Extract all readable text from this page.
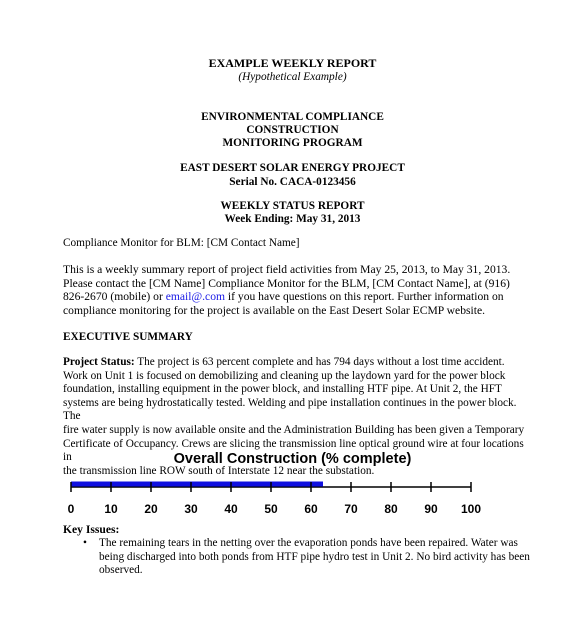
EXAMPLE WEEKLY REPORT
(Hypothetical Example)
ENVIRONMENTAL COMPLIANCE
CONSTRUCTION
MONITORING PROGRAM
EAST DESERT SOLAR ENERGY PROJECT
Serial No. CACA-0123456
WEEKLY STATUS REPORT
Week Ending: May 31, 2013
Compliance Monitor for BLM: [CM Contact Name]
This is a weekly summary report of project field activities from May 25, 2013, to May 31, 2013.
Please contact the [CM Name] Compliance Monitor for the BLM, [CM Contact Name], at (916)
826-2670 (mobile) or email@.com if you have questions on this report. Further information on
compliance monitoring for the project is available on the East Desert Solar ECMP website.
EXECUTIVE SUMMARY
Project Status: The project is 63 percent complete and has 794 days without a lost time accident.
Work on Unit 1 is focused on demobilizing and cleaning up the laydown yard for the power block
foundation, installing equipment in the power block, and installing HTF pipe. At Unit 2, the HFT
systems are being hydrostatically tested. Welding and pipe installation continues in the power block. The
fire water supply is now available onsite and the Administration Building has been given a Temporary
Certificate of Occupancy. Crews are slicing the transmission line optical ground wire at four locations in
the transmission line ROW south of Interstate 12 near the substation.
Overall Construction (% complete)
0 10 20 30 40 50 60 70 80 90 100
Key Issues:
•	The remaining tears in the netting over the evaporation ponds have been repaired. Water was
being discharged into both ponds from HTF pipe hydro test in Unit 2. No bird activity has been
observed.
